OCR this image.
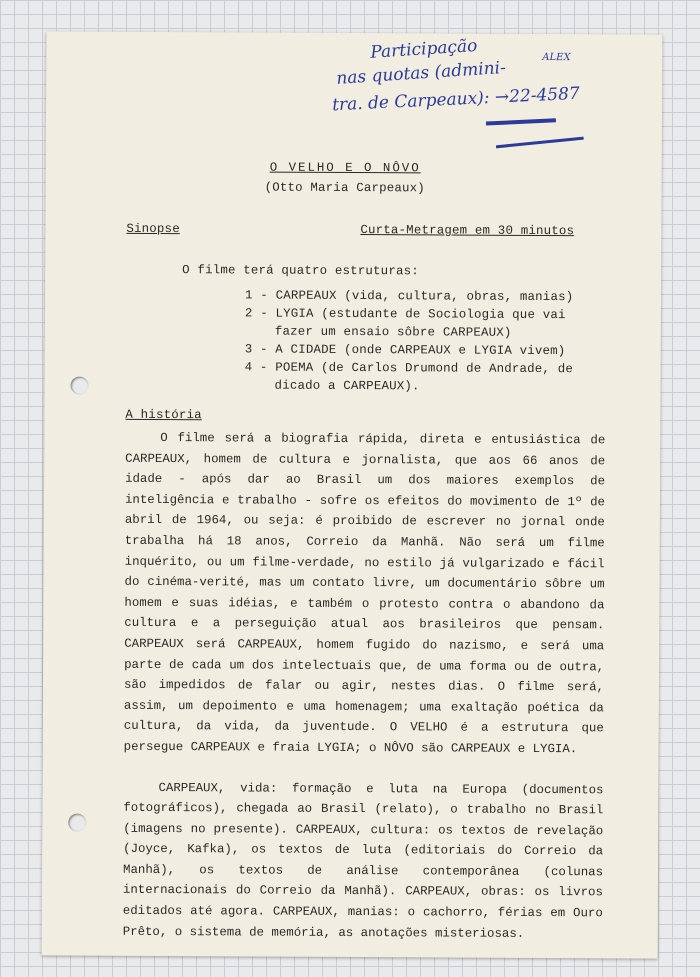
Participação	ALEX
nas quotas (admini-
tra. de Carpeaux): →22-4587
O VELHO E O NÔVO
(Otto Maria Carpeaux)
Sinopse	Curta-Metragem em 30 minutos
O filme terá quatro estruturas:
1 - CARPEAUX (vida, cultura, obras, manias)
2 - LYGIA (estudante de Sociologia que vai
fazer um ensaio sôbre CARPEAUX)
3 - A CIDADE (onde CARPEAUX e LYGIA vivem)
4 - POEMA (de Carlos Drumond de Andrade, de
dicado a CARPEAUX).
A história

O filme será a biografia rápida, direta e entusiástica de CARPEAUX, homem de cultura e jornalista, que aos 66 anos de idade - após dar ao Brasil um dos maiores exemplos de inteligência e trabalho - sofre os efeitos do movimento de 1º de abril de 1964, ou seja: é proibido de escrever no jornal onde trabalha há 18 anos, Correio da Manhã. Não será um filme inquérito, ou um filme-verdade, no estilo já vulgarizado e fácil do cinéma-verité, mas um contato livre, um documentário sôbre um homem e suas idéias, e também o protesto contra o abandono da cultura e a perseguição atual aos brasileiros que pensam. CARPEAUX será CARPEAUX, homem fugido do nazismo, e será uma parte de cada um dos intelectuais que, de uma forma ou de outra, são impedidos de falar ou agir, nestes dias. O filme será, assim, um depoimento e uma homenagem; uma exaltação poética da cultura, da vida, da juventude. O VELHO é a estrutura que persegue CARPEAUX e fraia LYGIA; o NÔVO são CARPEAUX e LYGIA.

CARPEAUX, vida: formação e luta na Europa (documentos fotográficos), chegada ao Brasil (relato), o trabalho no Brasil (imagens no presente). CARPEAUX, cultura: os textos de revelação (Joyce, Kafka), os textos de luta (editoriais do Correio da Manhã), os textos de análise contemporânea (colunas internacionais do Correio da Manhã). CARPEAUX, obras: os livros editados até agora. CARPEAUX, manias: o cachorro, férias em Ouro Prêto, o sistema de memória, as anotações misteriosas.
